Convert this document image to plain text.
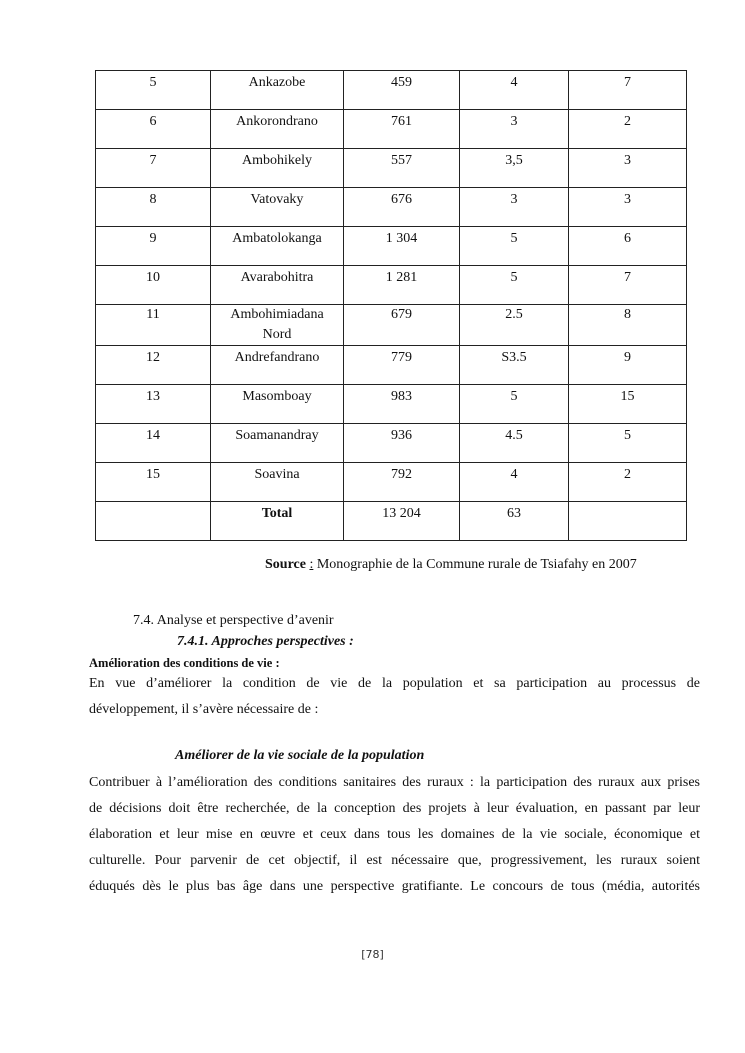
5	Ankazobe	459	4	7
6	Ankorondrano	761	3	2
7	Ambohikely	557	3,5	3
8	Vatovaky	676	3	3
9	Ambatolokanga	1 304	5	6
10	Avarabohitra	1 281	5	7
11	Ambohimiadana
Nord	679	2.5	8
12	Andrefandrano	779	S3.5	9
13	Masomboay	983	5	15
14	Soamanandray	936	4.5	5
15	Soavina	792	4	2
	Total	13 204	63	
Source : Monographie de la Commune rurale de Tsiafahy en 2007
7.4. Analyse et perspective d’avenir
7.4.1. Approches perspectives :
Amélioration des conditions de vie :

En vue d’améliorer la condition de vie de la population et sa participation au processus de

développement, il s’avère nécessaire de :

Améliorer de la vie sociale de la population

Contribuer à l’amélioration des conditions sanitaires des ruraux : la participation des ruraux aux prises

de décisions doit être recherchée, de la conception des projets à leur évaluation, en passant par leur

élaboration et leur mise en œuvre et ceux dans tous les domaines de la vie sociale, économique et

culturelle. Pour parvenir de cet objectif, il est nécessaire que, progressivement, les ruraux soient

éduqués dès le plus bas âge dans une perspective gratifiante. Le concours de tous (média, autorités

[78]
